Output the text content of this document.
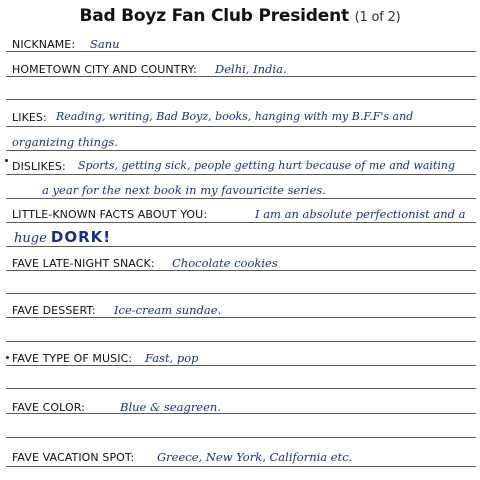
Bad Boyz Fan Club President (1 of 2)
NICKNAME: Sanu
HOMETOWN CITY AND COUNTRY: Delhi, India.
LIKES: Reading, writing, Bad Boyz, books, hanging with my B.F.F's and
organizing things.
DISLIKES: Sports, getting sick, people getting hurt because of me and waiting
a year for the next book in my favouricite series.
LITTLE-KNOWN FACTS ABOUT YOU:	I am an absolute perfectionist and a
huge DORK!
FAVE LATE-NIGHT SNACK: Chocolate cookies
FAVE DESSERT: Ice-cream sundae.
FAVE TYPE OF MUSIC: Fast, pop
FAVE COLOR:	Blue & seagreen.
FAVE VACATION SPOT: Greece, New York, California etc.
